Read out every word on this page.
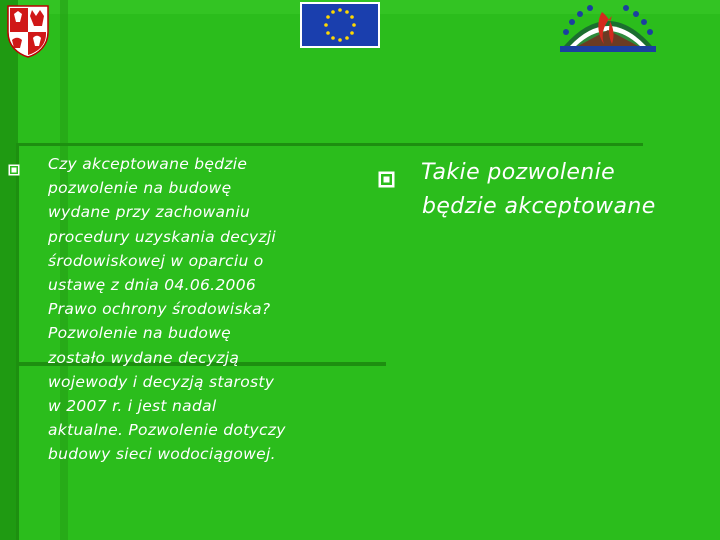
Czy akceptowane będzie
pozwolenie na budowę
wydane przy zachowaniu
procedury uzyskania decyzji
środowiskowej w oparciu o
ustawę z dnia 04.06.2006
Prawo ochrony środowiska?
Pozwolenie na budowę
zostało wydane decyzją
wojewody i decyzją starosty
w 2007 r. i jest nadal
aktualne. Pozwolenie dotyczy
budowy sieci wodociągowej.

Takie pozwolenie
będzie akceptowane
